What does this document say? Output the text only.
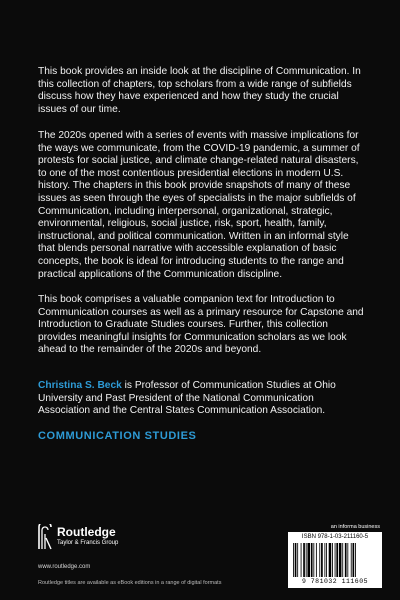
This book provides an inside look at the discipline of Communication. In this collection of chapters, top scholars from a wide range of subfields discuss how they have experienced and how they study the crucial issues of our time.

The 2020s opened with a series of events with massive implications for the ways we communicate, from the COVID-19 pandemic, a summer of protests for social justice, and climate change-related natural disasters, to one of the most contentious presidential elections in modern U.S. history. The chapters in this book provide snapshots of many of these issues as seen through the eyes of specialists in the major subfields of Communication, including interpersonal, organizational, strategic, environmental, religious, social justice, risk, sport, health, family, instructional, and political communication. Written in an informal style that blends personal narrative with accessible explanation of basic concepts, the book is ideal for introducing students to the range and practical applications of the Communication discipline.

This book comprises a valuable companion text for Introduction to Communication courses as well as a primary resource for Capstone and Introduction to Graduate Studies courses. Further, this collection provides meaningful insights for Communication scholars as we look ahead to the remainder of the 2020s and beyond.

Christina S. Beck is Professor of Communication Studies at Ohio University and Past President of the National Communication Association and the Central States Communication Association.

COMMUNICATION STUDIES
Routledge
Taylor & Francis Group
www.routledge.com
Routledge titles are available as eBook editions in a range of digital formats
an informa business
ISBN 978-1-03-211160-5
9 781032 111605
